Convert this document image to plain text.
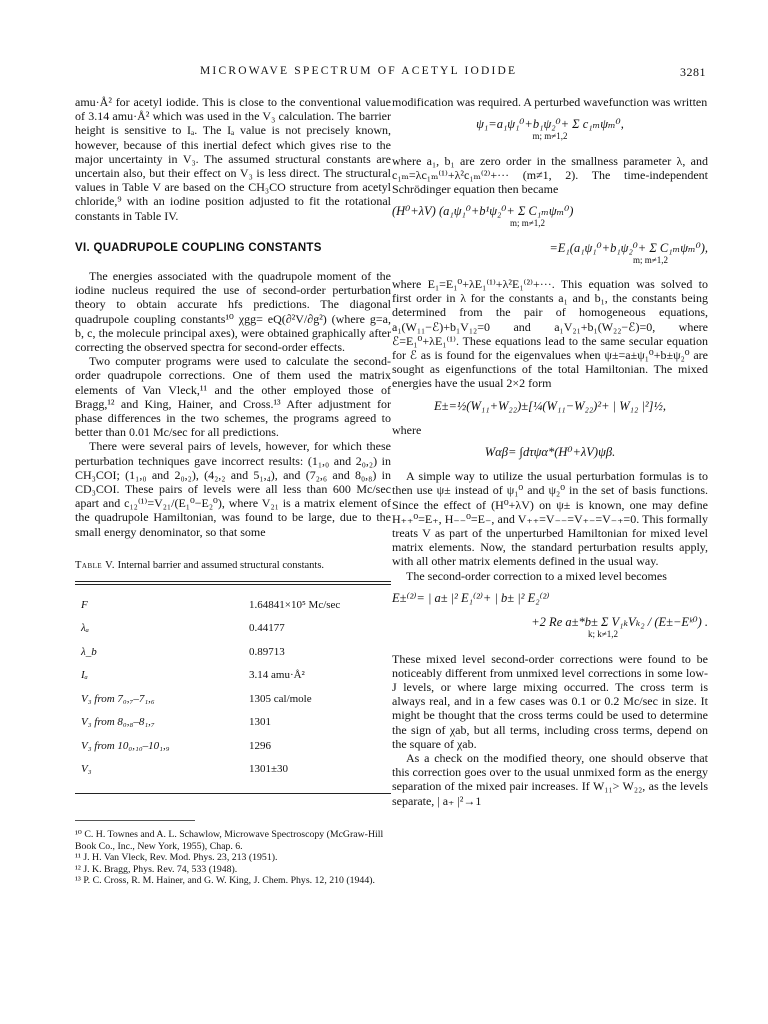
MICROWAVE SPECTRUM OF ACETYL IODIDE	3281

amu·Å² for acetyl iodide. This is close to the conventional value of 3.14 amu·Å² which was used in the V₃ calculation. The barrier height is sensitive to Iₐ. The Iₐ value is not precisely known, however, because of this inertial defect which gives rise to the major uncertainty in V₃. The assumed structural constants are uncertain also, but their effect on V₃ is less direct. The structural values in Table V are based on the CH₃CO structure from acetyl chloride,⁹ with an iodine position adjusted to fit the rotational constants in Table IV.

VI. QUADRUPOLE COUPLING CONSTANTS

The energies associated with the quadrupole moment of the iodine nucleus required the use of second-order perturbation theory to obtain accurate hfs predictions. The diagonal quadrupole coupling constants¹⁰ χgg= eQ(∂²V/∂g²) (where g=a, b, c, the molecule principal axes), were obtained graphically after correcting the observed spectra for second-order effects.

Two computer programs were used to calculate the second-order quadrupole corrections. One of them used the matrix elements of Van Vleck,¹¹ and the other employed those of Bragg,¹² and King, Hainer, and Cross.¹³ After adjustment for phase differences in the two schemes, the programs agreed to better than 0.01 Mc/sec for all predictions.

There were several pairs of levels, however, for which these perturbation techniques gave incorrect results: (1₁,₀ and 2₀,₂) in CH₃COI; (1₁,₀ and 2₀,₂), (4₂,₂ and 5₁,₄), and (7₂,₆ and 8₀,₈) in CD₃COI. These pairs of levels were all less than 600 Mc/sec apart and c₁₂⁽¹⁾=V₂₁/(E₁⁰−E₂⁰), where V₂₁ is a matrix element of the quadrupole Hamiltonian, was found to be large, due to the small energy denominator, so that some

Table V. Internal barrier and assumed structural constants.
F	1.64841×10⁵ Mc/sec
λₐ	0.44177
λ_b	0.89713
Iₐ	3.14 amu·Å²
V₃ from 7₀,₇–7₁,₆	1305 cal/mole
V₃ from 8₀,₈–8₁,₇	1301
V₃ from 10₀,₁₀–10₁,₉	1296
V₃	1301±30

¹⁰ C. H. Townes and A. L. Schawlow, Microwave Spectroscopy (McGraw-Hill Book Co., Inc., New York, 1955), Chap. 6.

¹¹ J. H. Van Vleck, Rev. Mod. Phys. 23, 213 (1951).

¹² J. K. Bragg, Phys. Rev. 74, 533 (1948).

¹³ P. C. Cross, R. M. Hainer, and G. W. King, J. Chem. Phys. 12, 210 (1944).

modification was required. A perturbed wavefunction was written

ψ₁=a₁ψ₁⁰+b₁ψ₂⁰+ Σ c₁ₘψₘ⁰,
m; m≠1,2

where a₁, b₁ are zero order in the smallness parameter λ, and c₁ₘ=λc₁ₘ⁽¹⁾+λ²c₁ₘ⁽²⁾+··· (m≠1, 2). The time-independent Schrödinger equation then became

(H⁰+λV) (a₁ψ₁⁰+b¹ψ₂⁰+ Σ C₁ₘψₘ⁰)
m; m≠1,2
=E₁(a₁ψ₁⁰+b₁ψ₂⁰+ Σ C₁ₘψₘ⁰),
m; m≠1,2

where E₁=E₁⁰+λE₁⁽¹⁾+λ²E₁⁽²⁾+···. This equation was solved to first order in λ for the constants a₁ and b₁, the constants being determined from the pair of homogeneous equations, a₁(W₁₁−ℰ)+b₁V₁₂=0 and a₁V₂₁+b₁(W₂₂−ℰ)=0, where ℰ=E₁⁰+λE₁⁽¹⁾. These equations lead to the same secular equation for ℰ as is found for the eigenvalues when ψ±=a±ψ₁⁰+b±ψ₂⁰ are sought as eigenfunctions of the total Hamiltonian. The mixed energies have the usual 2×2 form

E±=½(W₁₁+W₂₂)±[¼(W₁₁−W₂₂)²+ | W₁₂ |²]½,

where

Wαβ= ∫dτψα*(H⁰+λV)ψβ.

A simple way to utilize the usual perturbation formulas is to then use ψ± instead of ψ₁⁰ and ψ₂⁰ in the set of basis functions. Since the effect of (H⁰+λV) on ψ± is known, one may define H₊₊⁰=E₊, H₋₋⁰=E₋, and V₊₊=V₋₋=V₊₋=V₋₊=0. This formally treats V as part of the unperturbed Hamiltonian for mixed level matrix elements. Now, the standard perturbation results apply, with all other matrix elements defined in the usual way.

The second-order correction to a mixed level becomes

E±⁽²⁾= | a± |² E₁⁽²⁾+ | b± |² E₂⁽²⁾
+2 Re a±*b± Σ V₁ₖVₖ₂ / (E±−Eᵏ⁰) .
k; k≠1,2

These mixed level second-order corrections were found to be noticeably different from unmixed level corrections in some low-J levels, or where large mixing occurred. The cross term is always real, and in a few cases was 0.1 or 0.2 Mc/sec in size. It might be thought that the cross terms could be used to determine the sign of χab, but all terms, including cross terms, depend on the square of χab.

As a check on the modified theory, one should observe that this correction goes over to the usual unmixed form as the energy separation of the mixed pair increases. If W₁₁> W₂₂, as the levels separate, | a₊ |²→1
